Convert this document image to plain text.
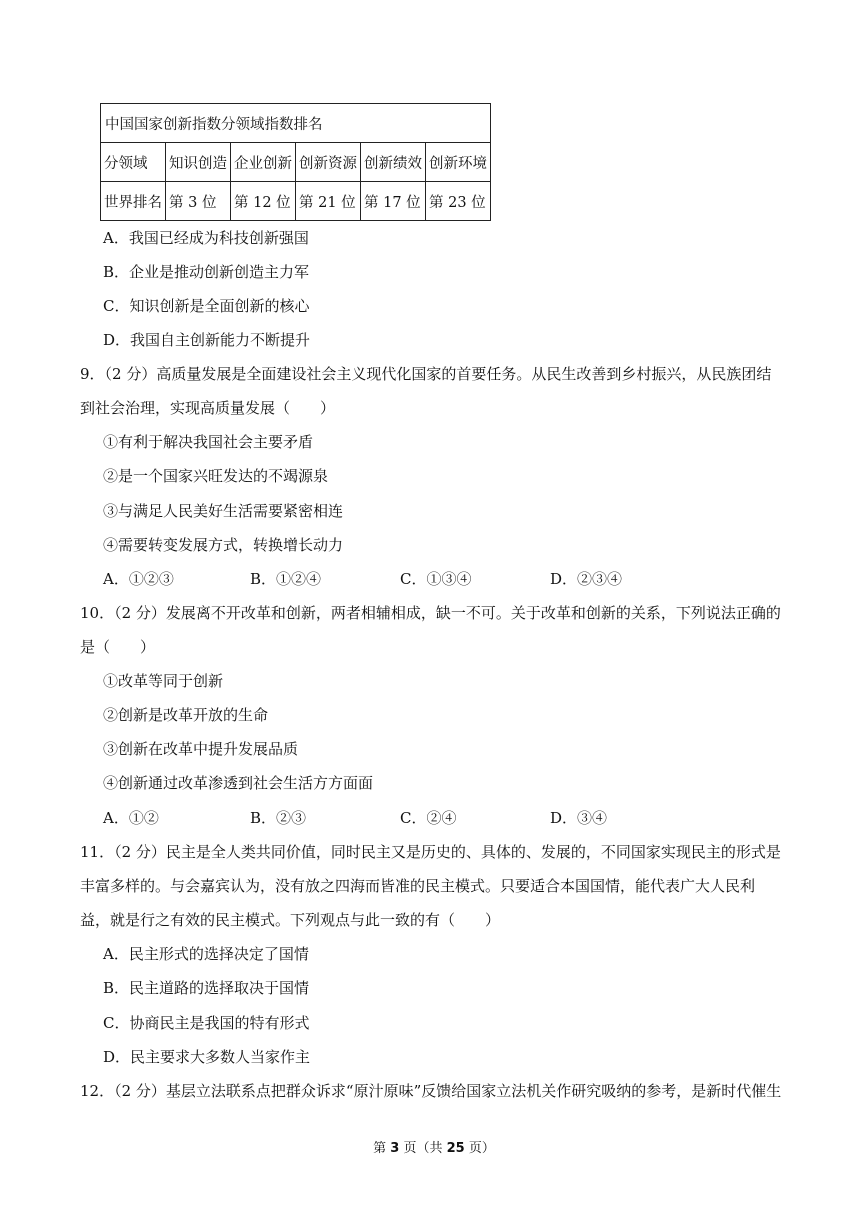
中国国家创新指数分领域指数排名					
分领域	知识创造	企业创新	创新资源	创新绩效	创新环境
世界排名	第 3 位	第 12 位	第 21 位	第 17 位	第 23 位
A．我国已经成为科技创新强国
B．企业是推动创新创造主力军
C．知识创新是全面创新的核心
D．我国自主创新能力不断提升
9．（2 分）高质量发展是全面建设社会主义现代化国家的首要任务。从民生改善到乡村振兴，从民族团结
到社会治理，实现高质量发展（　　）
①有利于解决我国社会主要矛盾
②是一个国家兴旺发达的不竭源泉
③与满足人民美好生活需要紧密相连
④需要转变发展方式，转换增长动力
A．①②③	B．①②④	C．①③④	D．②③④
10．（2 分）发展离不开改革和创新，两者相辅相成，缺一不可。关于改革和创新的关系，下列说法正确的
是（　　）
①改革等同于创新
②创新是改革开放的生命
③创新在改革中提升发展品质
④创新通过改革渗透到社会生活方方面面
A．①②	B．②③	C．②④	D．③④
11．（2 分）民主是全人类共同价值，同时民主又是历史的、具体的、发展的，不同国家实现民主的形式是
丰富多样的。与会嘉宾认为，没有放之四海而皆准的民主模式。只要适合本国国情，能代表广大人民利
益，就是行之有效的民主模式。下列观点与此一致的有（　　）
A．民主形式的选择决定了国情
B．民主道路的选择取决于国情
C．协商民主是我国的特有形式
D．民主要求大多数人当家作主
12．（2 分）基层立法联系点把群众诉求“原汁原味”反馈给国家立法机关作研究吸纳的参考，是新时代催生
第 3 页（共 25 页）
